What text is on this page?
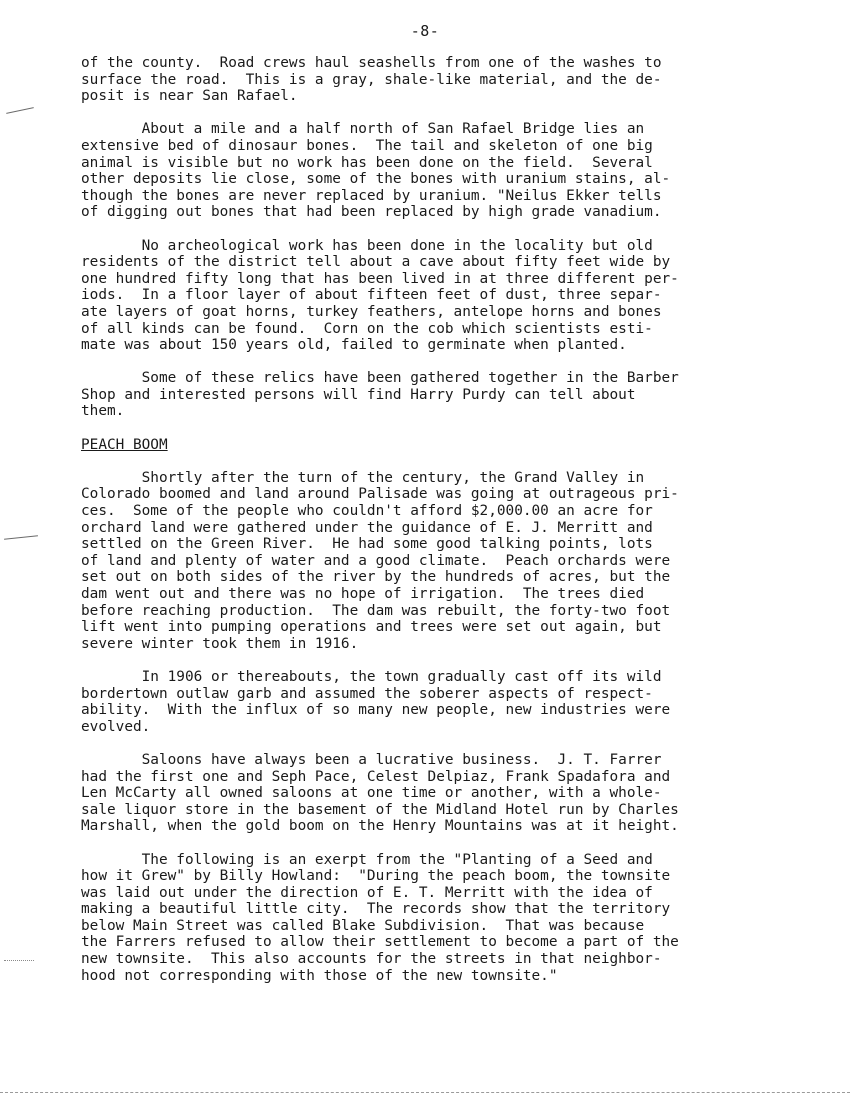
-8-

of the county.  Road crews haul seashells from one of the washes to
surface the road.  This is a gray, shale-like material, and the de-
posit is near San Rafael.

About a mile and a half north of San Rafael Bridge lies an
extensive bed of dinosaur bones.  The tail and skeleton of one big
animal is visible but no work has been done on the field.  Several
other deposits lie close, some of the bones with uranium stains, al-
though the bones are never replaced by uranium. "Neilus Ekker tells
of digging out bones that had been replaced by high grade vanadium.

No archeological work has been done in the locality but old
residents of the district tell about a cave about fifty feet wide by
one hundred fifty long that has been lived in at three different per-
iods.  In a floor layer of about fifteen feet of dust, three separ-
ate layers of goat horns, turkey feathers, antelope horns and bones
of all kinds can be found.  Corn on the cob which scientists esti-
mate was about 150 years old, failed to germinate when planted.

Some of these relics have been gathered together in the Barber
Shop and interested persons will find Harry Purdy can tell about
them.

PEACH BOOM

Shortly after the turn of the century, the Grand Valley in
Colorado boomed and land around Palisade was going at outrageous pri-
ces.  Some of the people who couldn't afford $2,000.00 an acre for
orchard land were gathered under the guidance of E. J. Merritt and
settled on the Green River.  He had some good talking points, lots
of land and plenty of water and a good climate.  Peach orchards were
set out on both sides of the river by the hundreds of acres, but the
dam went out and there was no hope of irrigation.  The trees died
before reaching production.  The dam was rebuilt, the forty-two foot
lift went into pumping operations and trees were set out again, but
severe winter took them in 1916.

In 1906 or thereabouts, the town gradually cast off its wild
bordertown outlaw garb and assumed the soberer aspects of respect-
ability.  With the influx of so many new people, new industries were
evolved.

Saloons have always been a lucrative business.  J. T. Farrer
had the first one and Seph Pace, Celest Delpiaz, Frank Spadafora and
Len McCarty all owned saloons at one time or another, with a whole-
sale liquor store in the basement of the Midland Hotel run by Charles
Marshall, when the gold boom on the Henry Mountains was at it height.

The following is an exerpt from the "Planting of a Seed and
how it Grew" by Billy Howland:  "During the peach boom, the townsite
was laid out under the direction of E. T. Merritt with the idea of
making a beautiful little city.  The records show that the territory
below Main Street was called Blake Subdivision.  That was because
the Farrers refused to allow their settlement to become a part of the
new townsite.  This also accounts for the streets in that neighbor-
hood not corresponding with those of the new townsite."
